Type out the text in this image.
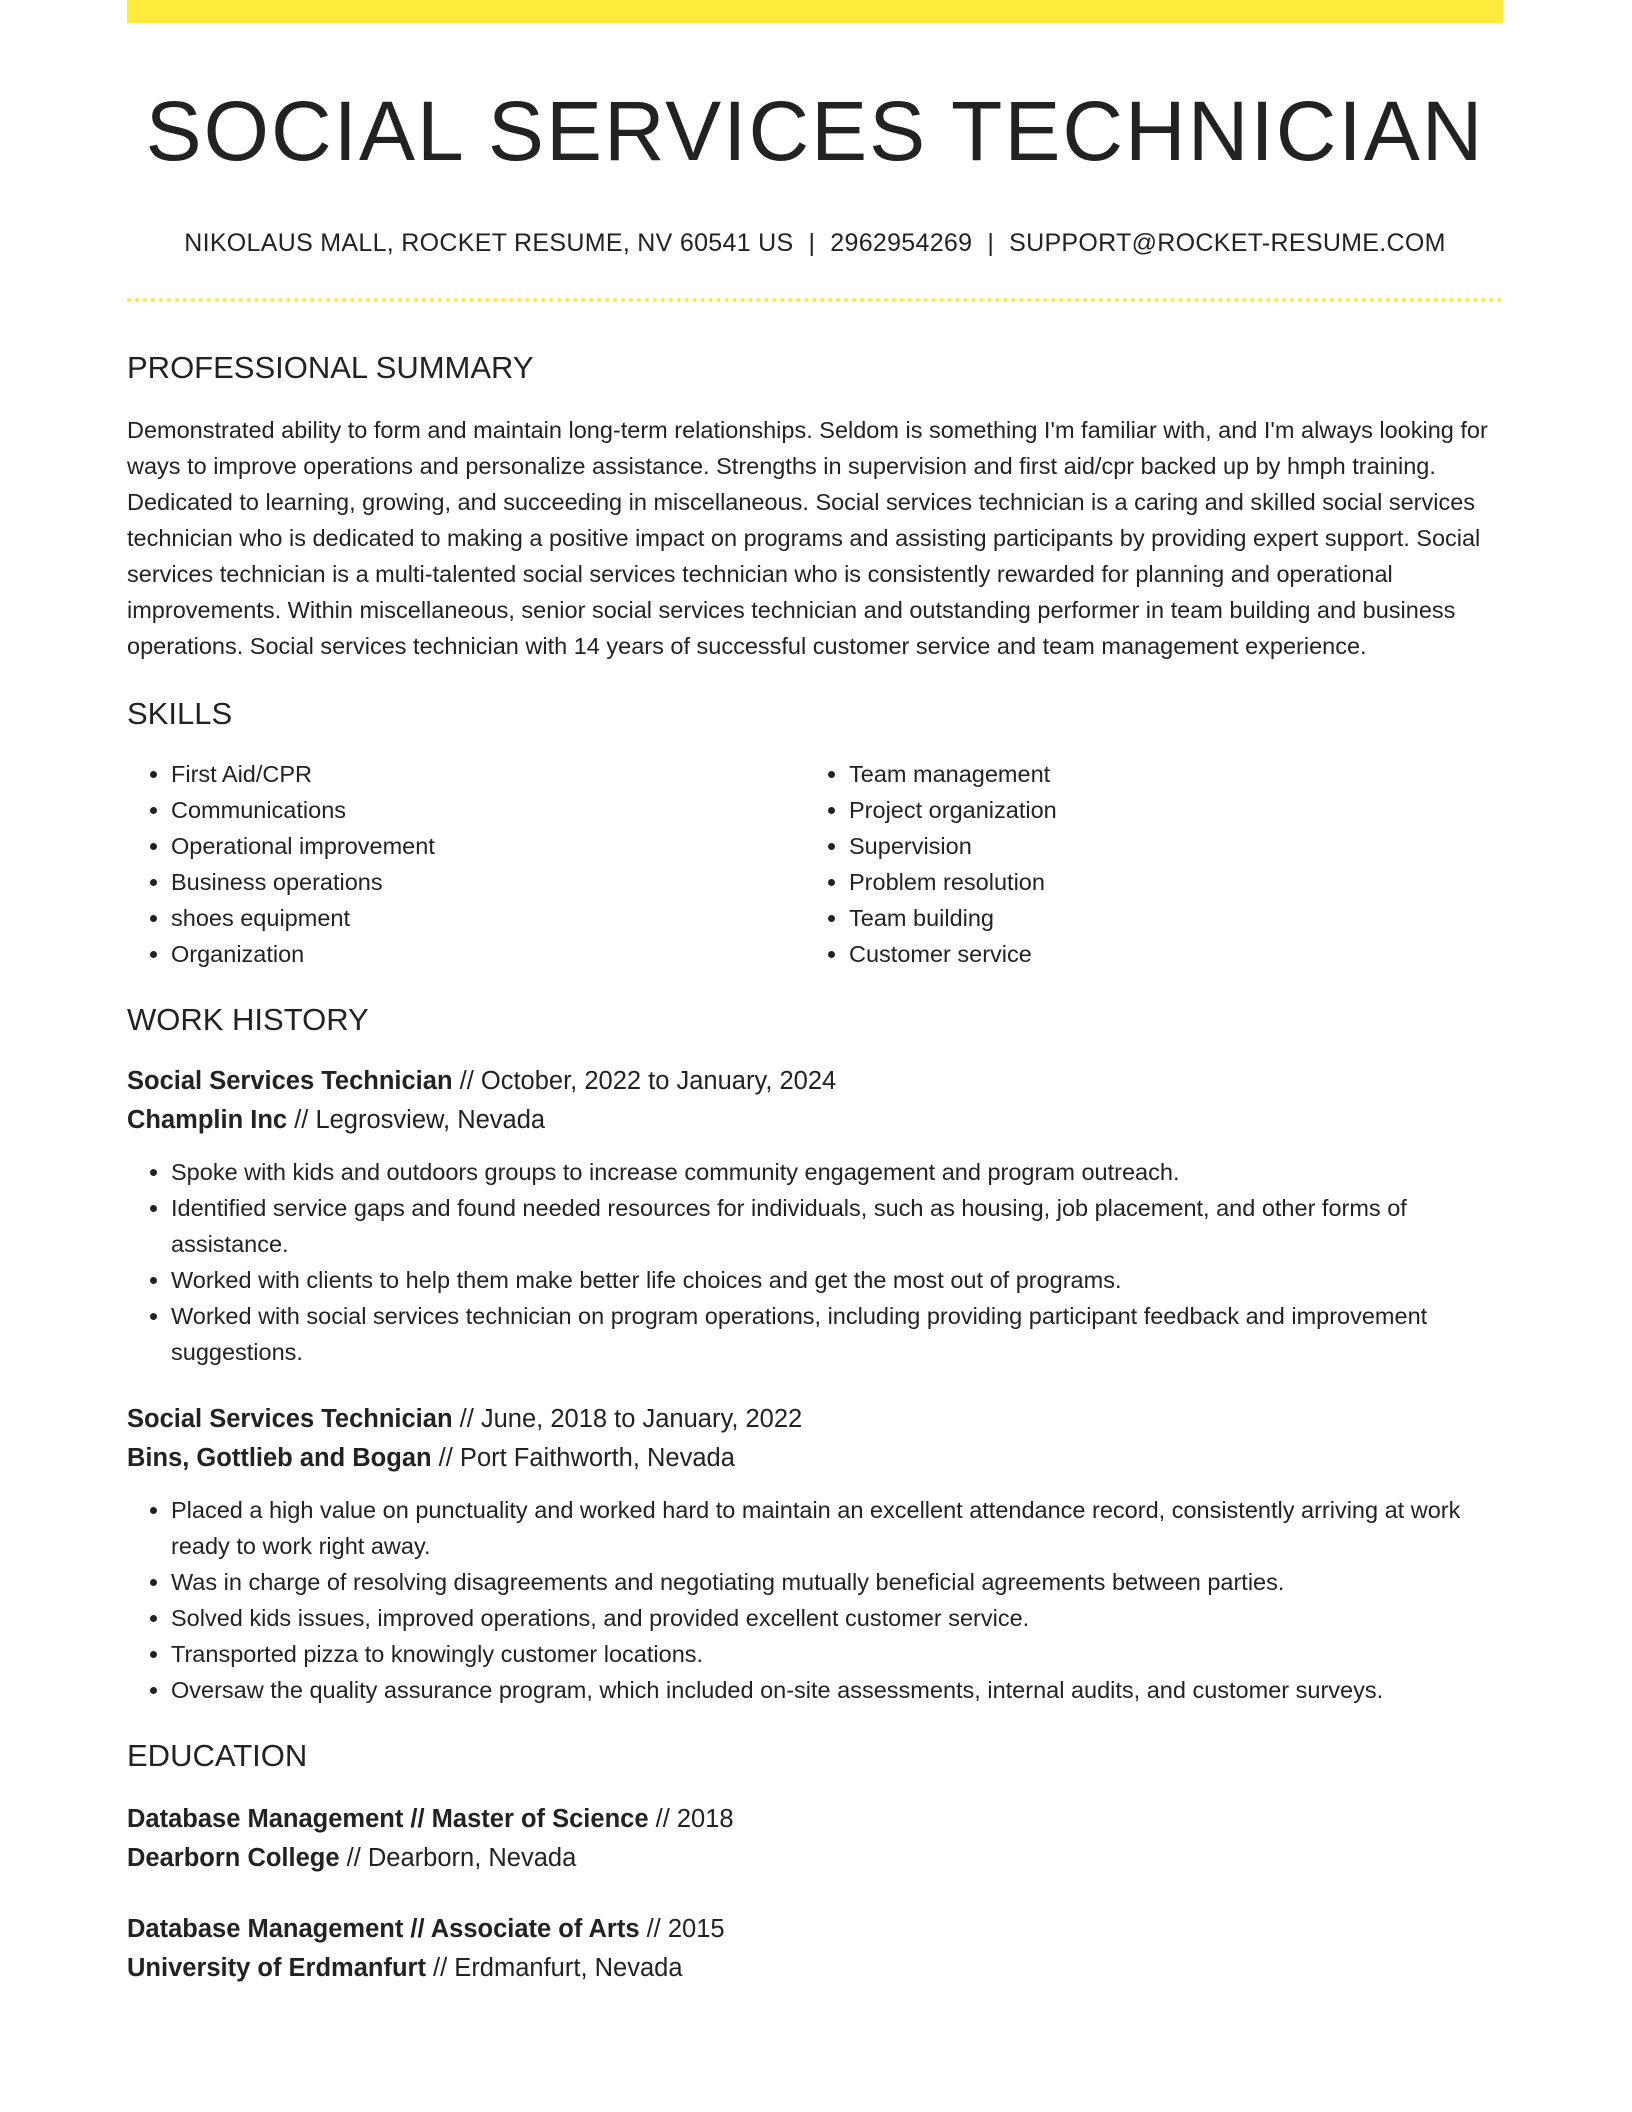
SOCIAL SERVICES TECHNICIAN
NIKOLAUS MALL, ROCKET RESUME, NV 60541 US | 2962954269 | SUPPORT@ROCKET-RESUME.COM
PROFESSIONAL SUMMARY
Demonstrated ability to form and maintain long-term relationships. Seldom is something I'm familiar with, and I'm always looking for ways to improve operations and personalize assistance. Strengths in supervision and first aid/cpr backed up by hmph training. Dedicated to learning, growing, and succeeding in miscellaneous. Social services technician is a caring and skilled social services technician who is dedicated to making a positive impact on programs and assisting participants by providing expert support. Social services technician is a multi-talented social services technician who is consistently rewarded for planning and operational improvements. Within miscellaneous, senior social services technician and outstanding performer in team building and business operations. Social services technician with 14 years of successful customer service and team management experience.
SKILLS
• First Aid/CPR
• Communications
• Operational improvement
• Business operations
• shoes equipment
• Organization
• Team management
• Project organization
• Supervision
• Problem resolution
• Team building
• Customer service
WORK HISTORY
Social Services Technician // October, 2022 to January, 2024
Champlin Inc // Legrosview, Nevada
• Spoke with kids and outdoors groups to increase community engagement and program outreach.
• Identified service gaps and found needed resources for individuals, such as housing, job placement, and other forms of assistance.
• Worked with clients to help them make better life choices and get the most out of programs.
• Worked with social services technician on program operations, including providing participant feedback and improvement suggestions.
Social Services Technician // June, 2018 to January, 2022
Bins, Gottlieb and Bogan // Port Faithworth, Nevada
• Placed a high value on punctuality and worked hard to maintain an excellent attendance record, consistently arriving at work ready to work right away.
• Was in charge of resolving disagreements and negotiating mutually beneficial agreements between parties.
• Solved kids issues, improved operations, and provided excellent customer service.
• Transported pizza to knowingly customer locations.
• Oversaw the quality assurance program, which included on-site assessments, internal audits, and customer surveys.
EDUCATION
Database Management // Master of Science // 2018
Dearborn College // Dearborn, Nevada
Database Management // Associate of Arts // 2015
University of Erdmanfurt // Erdmanfurt, Nevada
